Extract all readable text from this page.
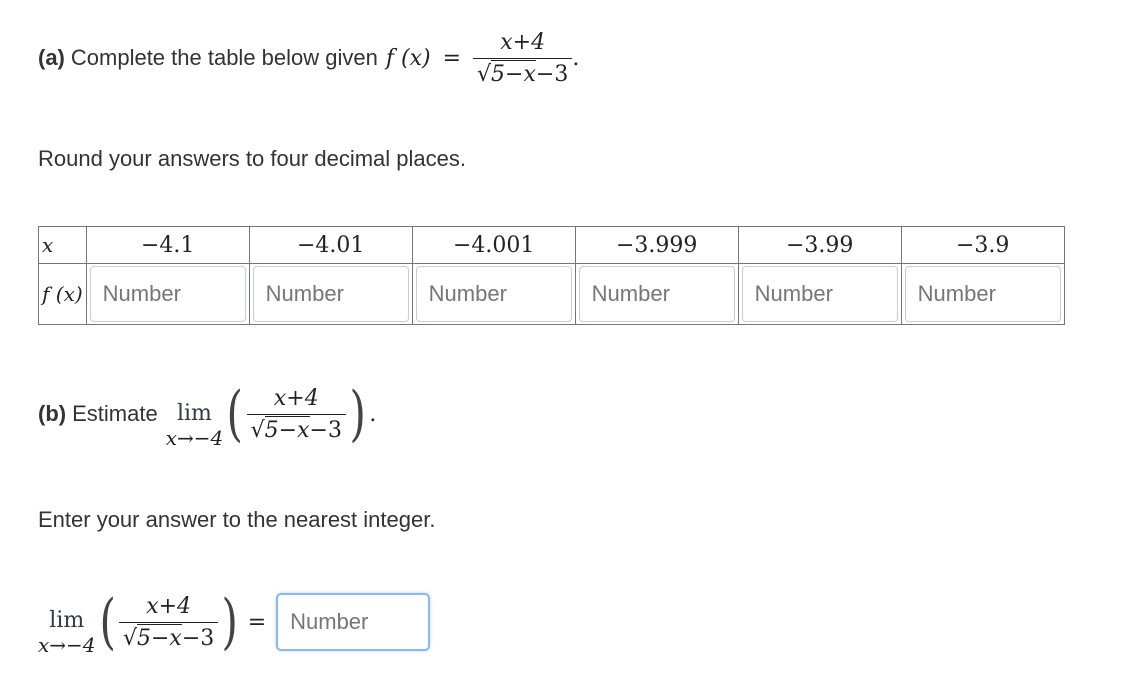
(a) Complete the table below given f $(x) = \frac{x+4}{√5-x-3}$ .
Round your answers to four decimal places.
x	−4.1	−4.01	−4.001	−3.999	−3.99	−3.9
f (x)	Number	Number	Number	Number	Number	Number
(b) Estimate lim
x→−4 ( $\frac{x+4}{√5-x-3}$ ) .
Enter your answer to the nearest integer.
lim
x→−4 ( $\frac{x+4}{√5-x-3}$ ) =
Number
